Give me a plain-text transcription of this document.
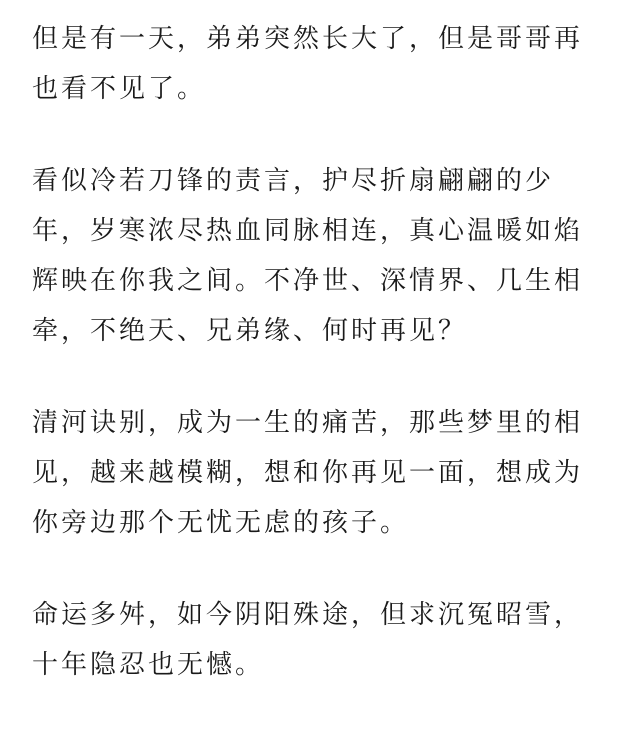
但是有一天，弟弟突然长大了，但是哥哥再
也看不见了。

看似冷若刀锋的责言，护尽折扇翩翩的少
年，岁寒浓尽热血同脉相连，真心温暖如焰
辉映在你我之间。不净世、深情界、几生相
牵，不绝天、兄弟缘、何时再见？

清河诀别，成为一生的痛苦，那些梦里的相
见，越来越模糊，想和你再见一面，想成为
你旁边那个无忧无虑的孩子。

命运多舛，如今阴阳殊途，但求沉冤昭雪，
十年隐忍也无憾。
